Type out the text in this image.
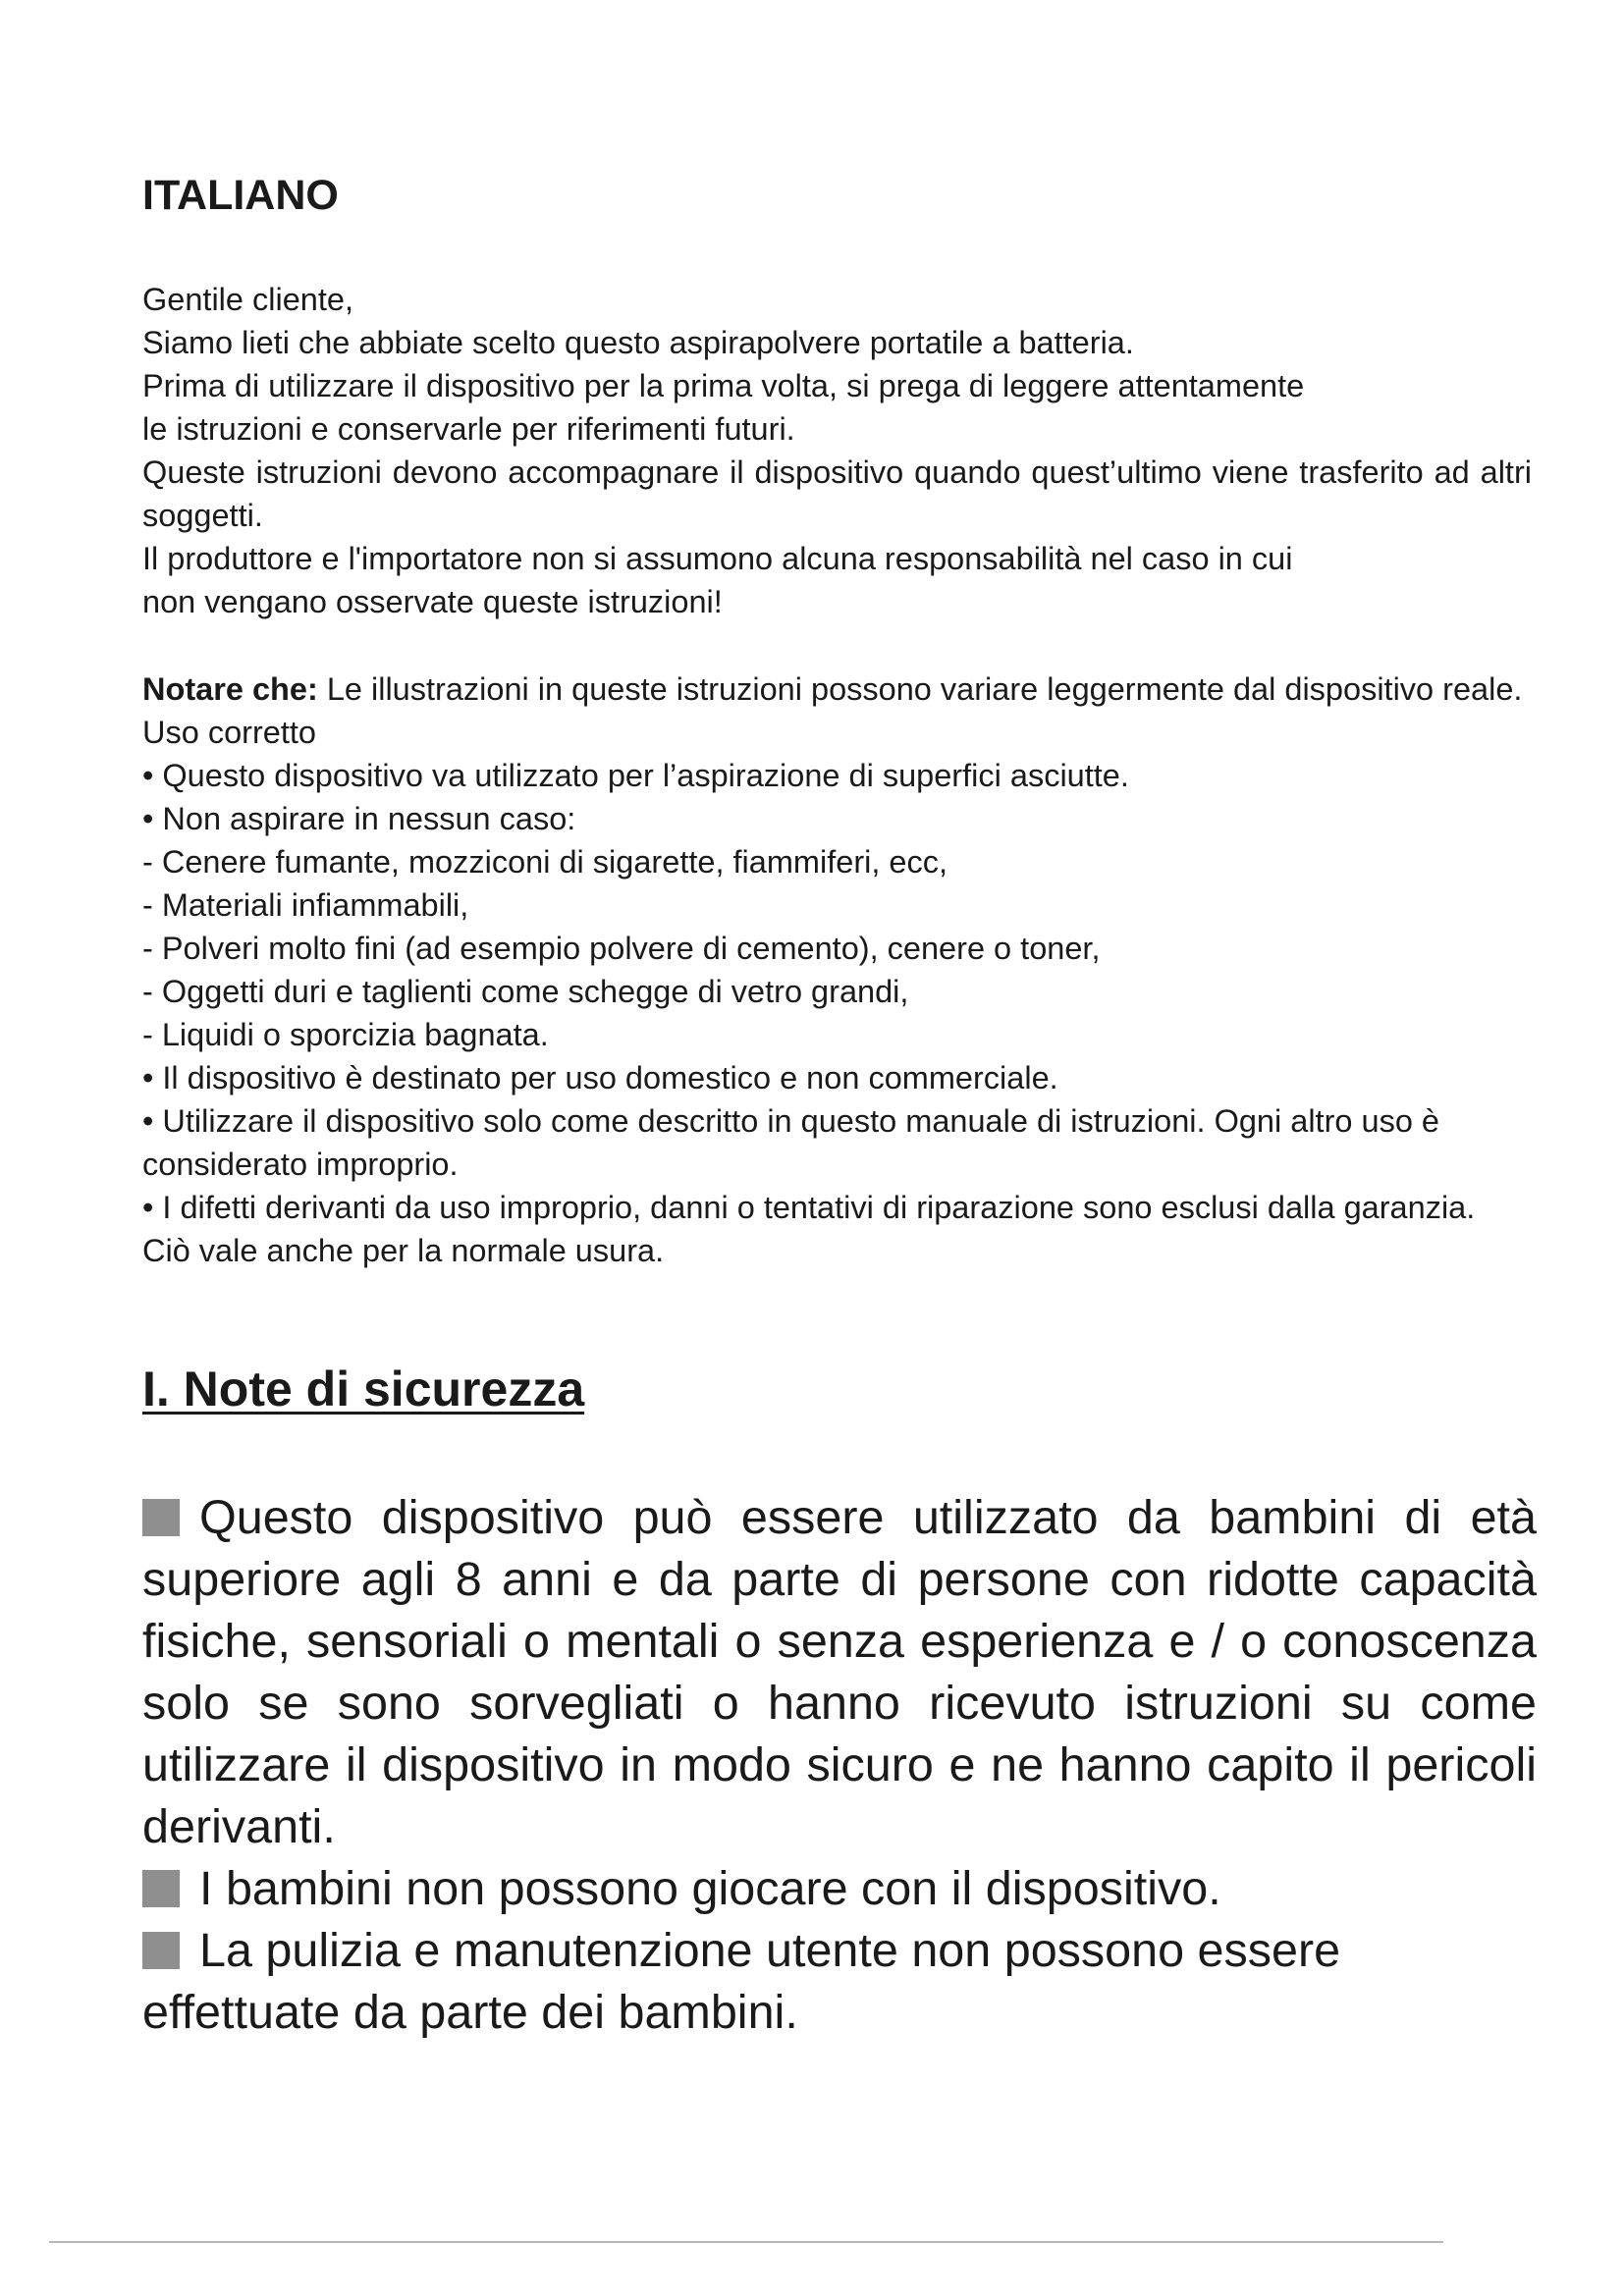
ITALIANO

Gentile cliente,

Siamo lieti che abbiate scelto questo aspirapolvere portatile a batteria.

Prima di utilizzare il dispositivo per la prima volta, si prega di leggere attentamente

le istruzioni e conservarle per riferimenti futuri.

Queste istruzioni devono accompagnare il dispositivo quando quest’ultimo viene trasferito ad altri soggetti.

Il produttore e l'importatore non si assumono alcuna responsabilità nel caso in cui

non vengano osservate queste istruzioni!

Notare che: Le illustrazioni in queste istruzioni possono variare leggermente dal dispositivo reale.

Uso corretto

• Questo dispositivo va utilizzato per l’aspirazione di superfici asciutte.

• Non aspirare in nessun caso:

- Cenere fumante, mozziconi di sigarette, fiammiferi, ecc,

- Materiali infiammabili,

- Polveri molto fini (ad esempio polvere di cemento), cenere o toner,

- Oggetti duri e taglienti come schegge di vetro grandi,

- Liquidi o sporcizia bagnata.

• Il dispositivo è destinato per uso domestico e non commerciale.

• Utilizzare il dispositivo solo come descritto in questo manuale di istruzioni. Ogni altro uso è considerato improprio.

• I difetti derivanti da uso improprio, danni o tentativi di riparazione sono esclusi dalla garanzia. Ciò vale anche per la normale usura.

I. Note di sicurezza

Questo dispositivo può essere utilizzato da bambini di età superiore agli 8 anni e da parte di persone con ridotte capacità fisiche, sensoriali o mentali o senza esperienza e / o conoscenza solo se sono sorvegliati o hanno ricevuto istruzioni su come utilizzare il dispositivo in modo sicuro e ne hanno capito il pericoli derivanti.

I bambini non possono giocare con il dispositivo.

La pulizia e manutenzione utente non possono essere effettuate da parte dei bambini.
